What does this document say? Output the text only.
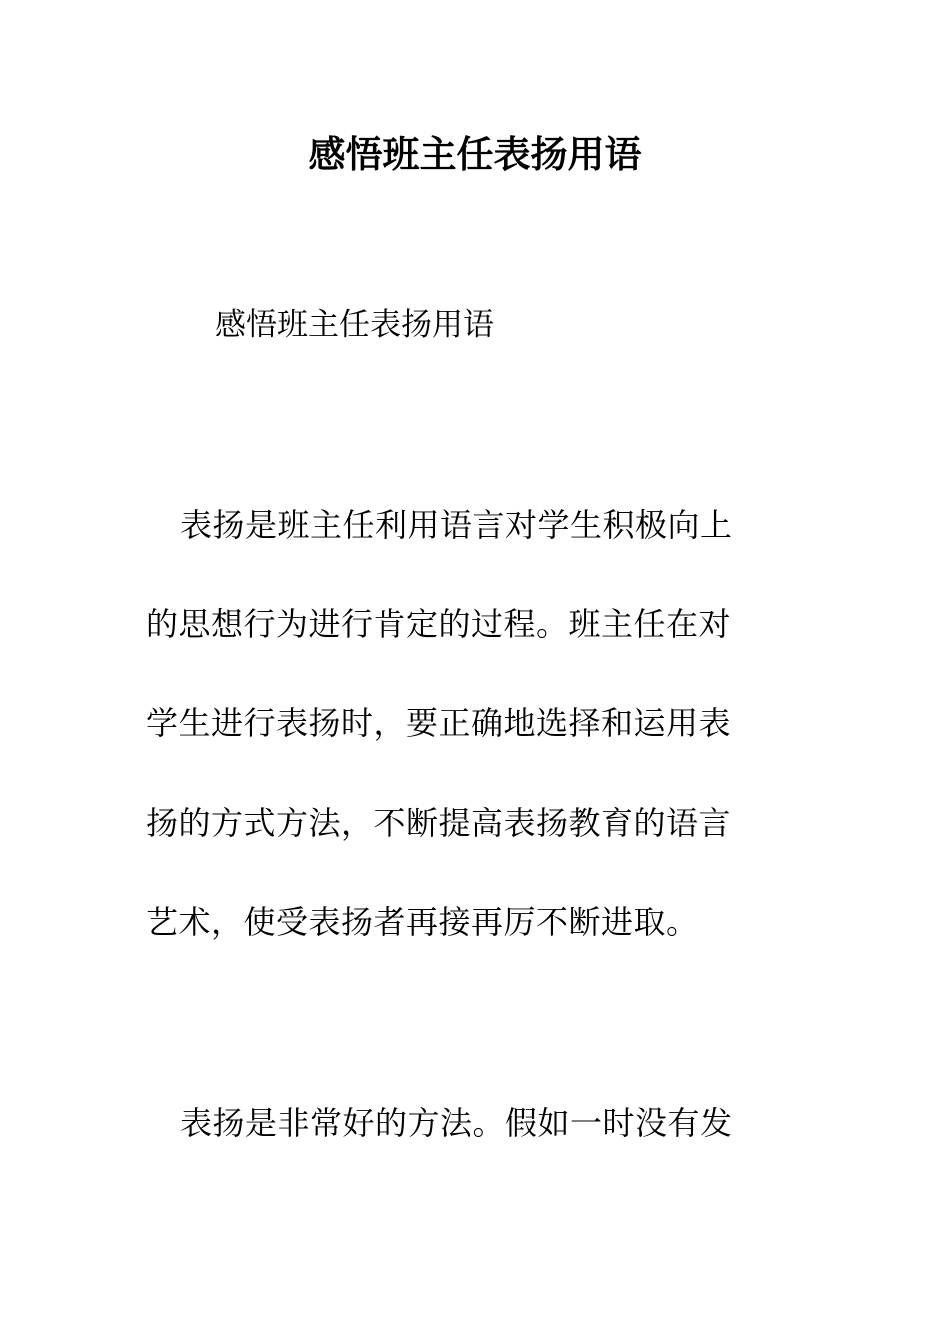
感悟班主任表扬用语

感悟班主任表扬用语

表扬是班主任利用语言对学生积极向上

的思想行为进行肯定的过程。班主任在对

学生进行表扬时，要正确地选择和运用表

扬的方式方法，不断提高表扬教育的语言

艺术，使受表扬者再接再厉不断进取。

表扬是非常好的方法。假如一时没有发
